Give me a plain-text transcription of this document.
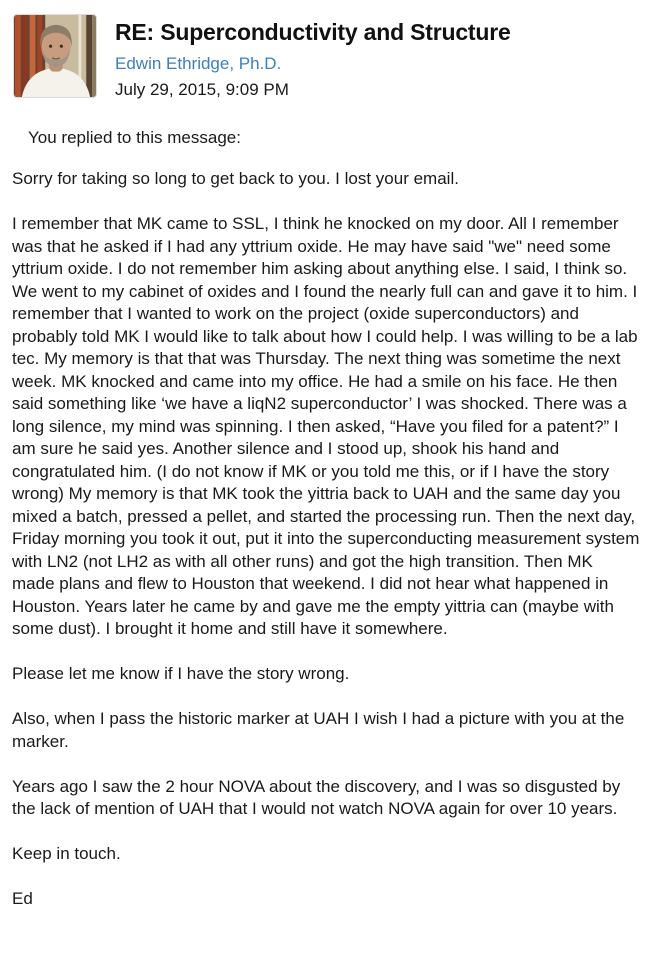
RE: Superconductivity and Structure
Edwin Ethridge, Ph.D.
July 29, 2015, 9:09 PM
You replied to this message:

Sorry for taking so long to get back to you. I lost your email.

I remember that MK came to SSL, I think he knocked on my door. All I remember was that he asked if I had any yttrium oxide. He may have said "we" need some yttrium oxide. I do not remember him asking about anything else. I said, I think so. We went to my cabinet of oxides and I found the nearly full can and gave it to him. I remember that I wanted to work on the project (oxide superconductors) and probably told MK I would like to talk about how I could help. I was willing to be a lab tec. My memory is that that was Thursday. The next thing was sometime the next week. MK knocked and came into my office. He had a smile on his face. He then said something like ‘we have a liqN2 superconductor’ I was shocked. There was a long silence, my mind was spinning. I then asked, “Have you filed for a patent?” I am sure he said yes. Another silence and I stood up, shook his hand and congratulated him. (I do not know if MK or you told me this, or if I have the story wrong) My memory is that MK took the yittria back to UAH and the same day you mixed a batch, pressed a pellet, and started the processing run. Then the next day, Friday morning you took it out, put it into the superconducting measurement system with LN2 (not LH2 as with all other runs) and got the high transition. Then MK made plans and flew to Houston that weekend. I did not hear what happened in Houston. Years later he came by and gave me the empty yittria can (maybe with some dust). I brought it home and still have it somewhere.

Please let me know if I have the story wrong.

Also, when I pass the historic marker at UAH I wish I had a picture with you at the marker.

Years ago I saw the 2 hour NOVA about the discovery, and I was so disgusted by the lack of mention of UAH that I would not watch NOVA again for over 10 years.

Keep in touch.

Ed
